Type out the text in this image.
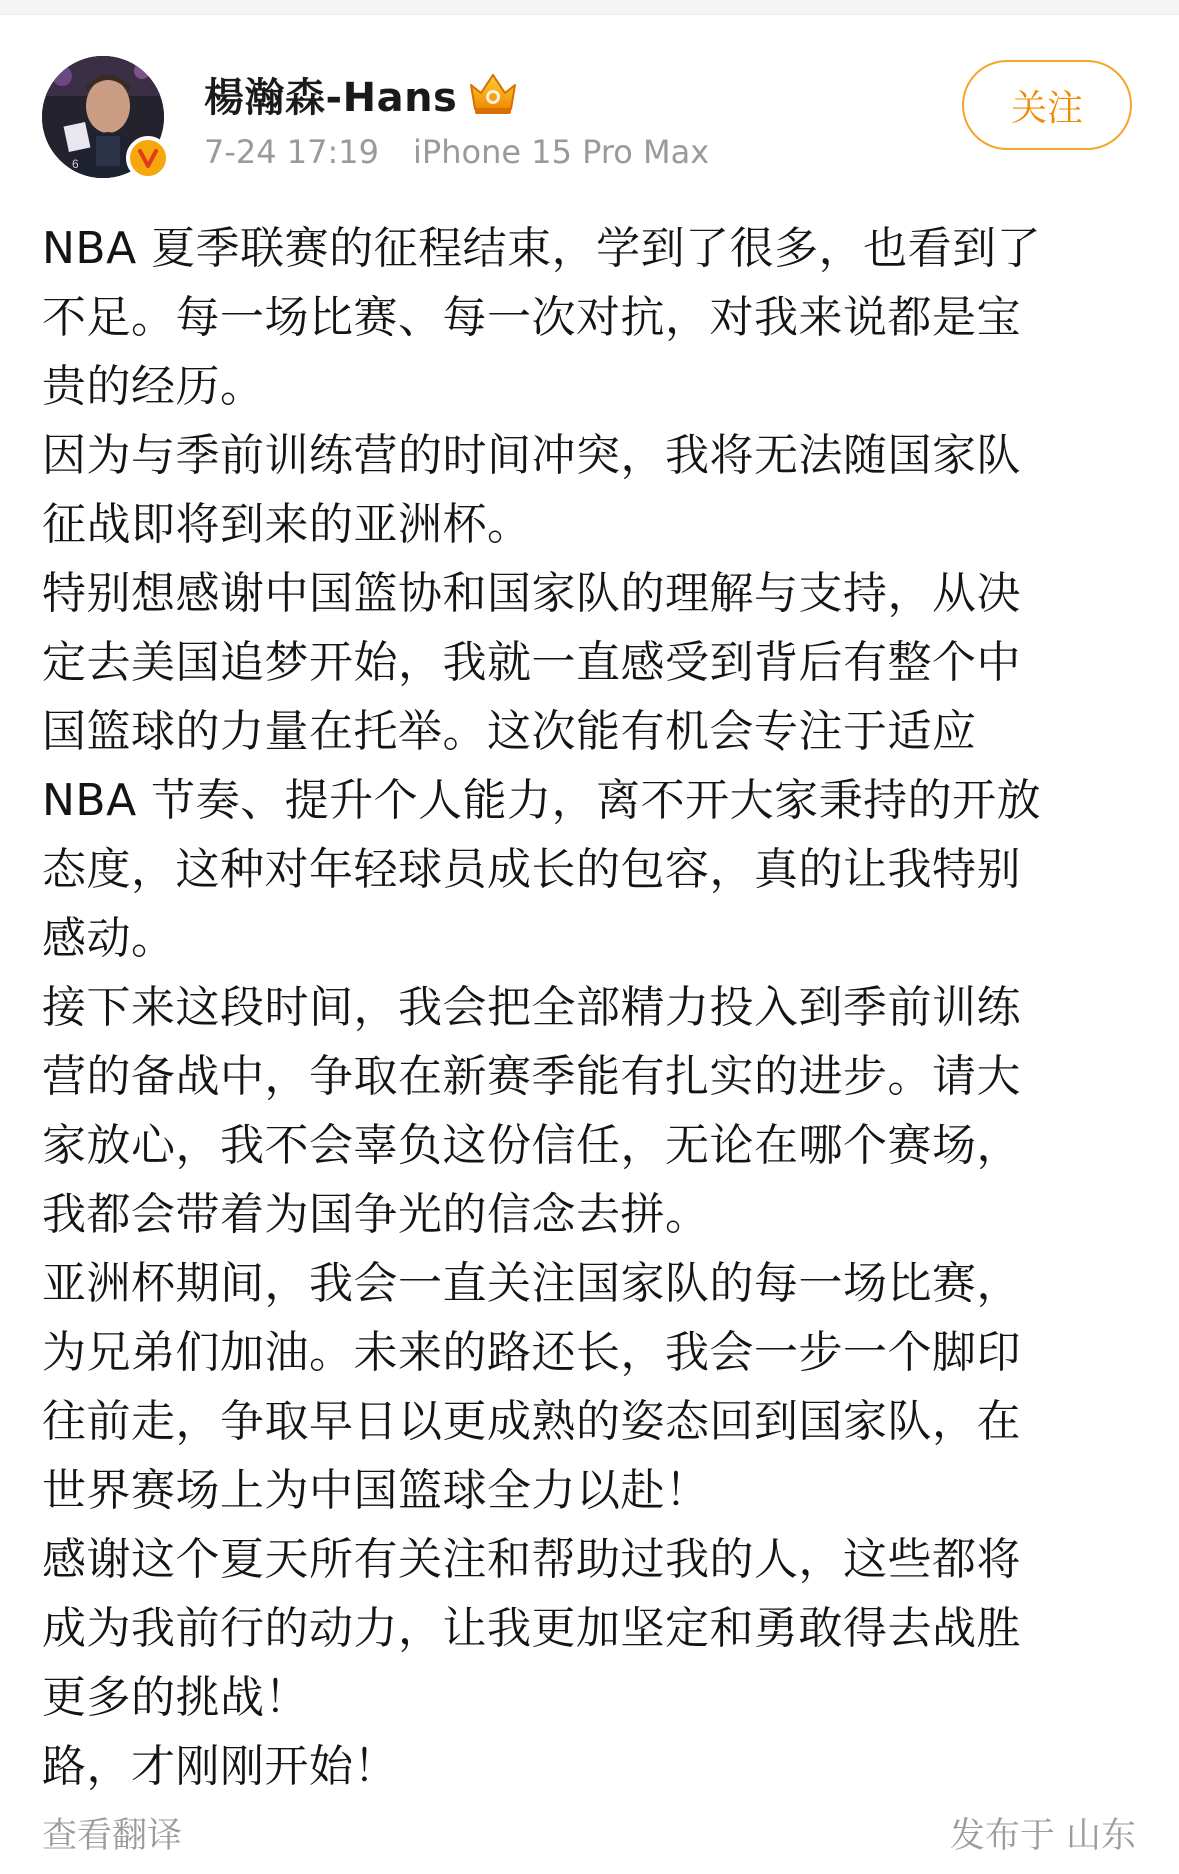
6
楊瀚森-Hans
7-24 17:19 iPhone 15 Pro Max
关注
NBA 夏季联赛的征程结束，学到了很多，也看到了
不足。每一场比赛、每一次对抗，对我来说都是宝
贵的经历。
因为与季前训练营的时间冲突，我将无法随国家队
征战即将到来的亚洲杯。
特别想感谢中国篮协和国家队的理解与支持，从决
定去美国追梦开始，我就一直感受到背后有整个中
国篮球的力量在托举。这次能有机会专注于适应
NBA 节奏、提升个人能力，离不开大家秉持的开放
态度，这种对年轻球员成长的包容，真的让我特别
感动。
接下来这段时间，我会把全部精力投入到季前训练
营的备战中，争取在新赛季能有扎实的进步。请大
家放心，我不会辜负这份信任，无论在哪个赛场，
我都会带着为国争光的信念去拼。
亚洲杯期间，我会一直关注国家队的每一场比赛，
为兄弟们加油。未来的路还长，我会一步一个脚印
往前走，争取早日以更成熟的姿态回到国家队，在
世界赛场上为中国篮球全力以赴！
感谢这个夏天所有关注和帮助过我的人，这些都将
成为我前行的动力，让我更加坚定和勇敢得去战胜
更多的挑战！
路，才刚刚开始！
查看翻译	发布于 山东
